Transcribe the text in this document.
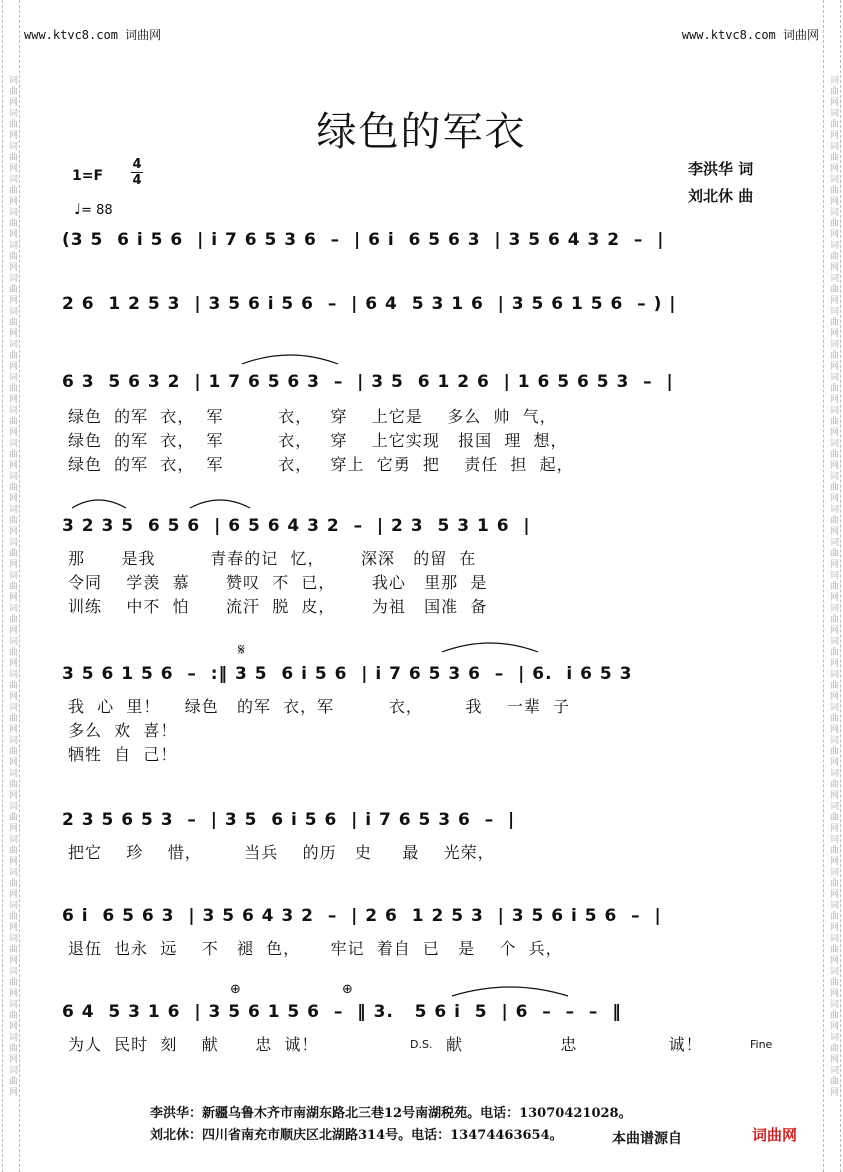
词曲网词曲网词曲网词曲网词曲网词曲网词曲网词曲网词曲网词曲网词曲网词曲网词曲网词曲网词曲网词曲网词曲网词曲网词曲网词曲网词曲网词曲网词曲网词曲网词曲网词曲网词曲网词曲网词曲网词曲网词曲网	词曲网词曲网词曲网词曲网词曲网词曲网词曲网词曲网词曲网词曲网词曲网词曲网词曲网词曲网词曲网词曲网词曲网词曲网词曲网词曲网词曲网词曲网词曲网词曲网词曲网词曲网词曲网词曲网词曲网词曲网词曲网
www.ktvc8.com 词曲网	www.ktvc8.com 词曲网
绿色的军衣
1=F
4
4
♩= 88
李洪华 词
刘北休 曲
(3 5  6 i 5 6  | i 7 6 5 3 6  –  | 6 i  6 5 6 3  | 3 5 6 4 3 2  –  |
2 6  1 2 5 3  | 3 5 6 i 5 6  –  | 6 4  5 3 1 6  | 3 5 6 1 5 6  – ) |
6 3  5 6 3 2  | 1 7 6 5 6 3  –  | 3 5  6 1 2 6  | 1 6 5 6 5 3  –  |
绿色  的军  衣，  军         衣，   穿    上它是    多么  帅  气，
绿色  的军  衣，  军         衣，   穿    上它实现   报国  理  想，
绿色  的军  衣，  军         衣，   穿上  它勇  把    责任  担  起，
3 2 3 5  6 5 6  | 6 5 6 4 3 2  –  | 2 3  5 3 1 6  |
那      是我         青春的记  忆，      深深   的留  在
令同    学羡  慕      赞叹  不  已，      我心   里那  是
训练    中不  怕      流汗  脱  皮，      为祖   国准  备
𝄋
3 5 6 1 5 6  –  :‖ 3 5  6 i 5 6  | i 7 6 5 3 6  –  | 6.  i 6 5 3
我  心  里！    绿色   的军  衣，军         衣，       我    一辈  子
多么  欢  喜！
牺牲  自  己！
2 3 5 6 5 3  –  | 3 5  6 i 5 6  | i 7 6 5 3 6  –  |
把它    珍    惜，       当兵    的历   史     最    光荣，
6 i  6 5 6 3  | 3 5 6 4 3 2  –  | 2 6  1 2 5 3  | 3 5 6 i 5 6  –  |
退伍  也永  远    不   褪  色，     牢记  着自  已   是    个  兵，
⊕	⊕
6 4  5 3 1 6  | 3 5 6 1 5 6  –  ‖ 3.   5 6 i  5  | 6  –  –  –  ‖
为人  民时  刻    献      忠  诚！	D.S. 献                忠               诚！	Fine
李洪华：新疆乌鲁木齐市南湖东路北三巷12号南湖税苑。电话：13070421028。
刘北休：四川省南充市顺庆区北湖路314号。电话：13474463654。	本曲谱源自	词曲网
